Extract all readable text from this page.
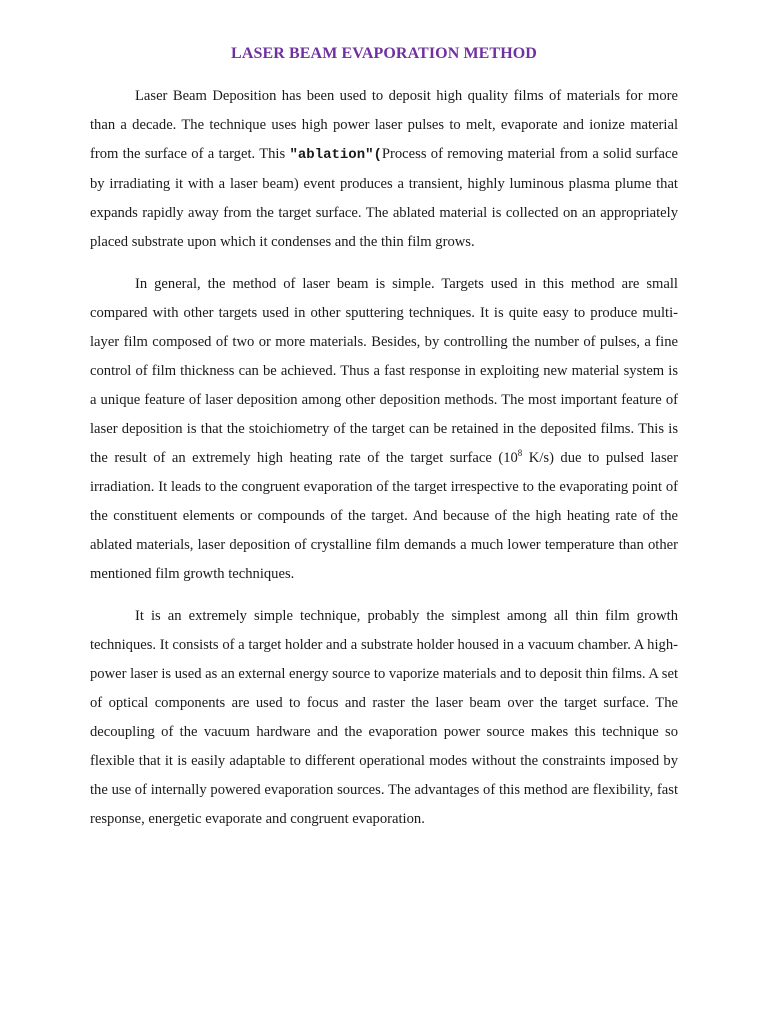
LASER BEAM EVAPORATION METHOD

Laser Beam Deposition has been used to deposit high quality films of materials for more than a decade. The technique uses high power laser pulses to melt, evaporate and ionize material from the surface of a target. This "ablation"(Process of removing material from a solid surface by irradiating it with a laser beam) event produces a transient, highly luminous plasma plume that expands rapidly away from the target surface. The ablated material is collected on an appropriately placed substrate upon which it condenses and the thin film grows.

In general, the method of laser beam is simple. Targets used in this method are small compared with other targets used in other sputtering techniques. It is quite easy to produce multi-layer film composed of two or more materials. Besides, by controlling the number of pulses, a fine control of film thickness can be achieved. Thus a fast response in exploiting new material system is a unique feature of laser deposition among other deposition methods. The most important feature of laser deposition is that the stoichiometry of the target can be retained in the deposited films. This is the result of an extremely high heating rate of the target surface ($10^8$ K/s) due to pulsed laser irradiation. It leads to the congruent evaporation of the target irrespective to the evaporating point of the constituent elements or compounds of the target. And because of the high heating rate of the ablated materials, laser deposition of crystalline film demands a much lower temperature than other mentioned film growth techniques.

It is an extremely simple technique, probably the simplest among all thin film growth techniques. It consists of a target holder and a substrate holder housed in a vacuum chamber. A high-power laser is used as an external energy source to vaporize materials and to deposit thin films. A set of optical components are used to focus and raster the laser beam over the target surface. The decoupling of the vacuum hardware and the evaporation power source makes this technique so flexible that it is easily adaptable to different operational modes without the constraints imposed by the use of internally powered evaporation sources. The advantages of this method are flexibility, fast response, energetic evaporate and congruent evaporation.
